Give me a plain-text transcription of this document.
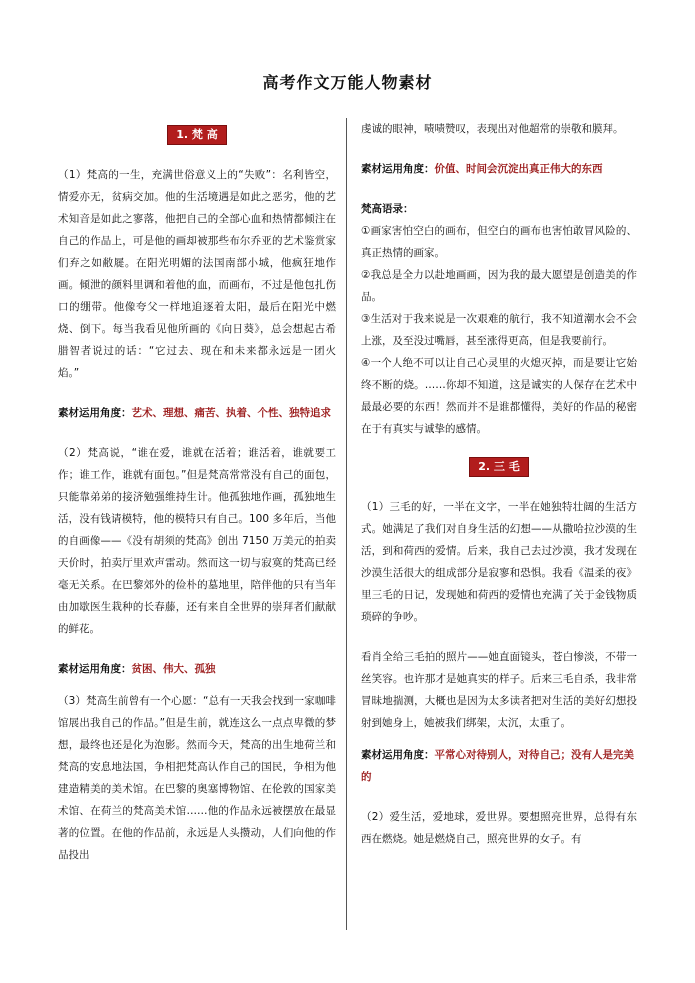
高考作文万能人物素材
1. 梵 高

（1）梵高的一生，充满世俗意义上的“失败”：名利皆空，情爱亦无，贫病交加。他的生活境遇是如此之恶劣，他的艺术知音是如此之寥落，他把自己的全部心血和热情都倾注在自己的作品上，可是他的画却被那些布尔乔亚的艺术鉴赏家们弃之如敝屣。在阳光明媚的法国南部小城，他疯狂地作画。倾泄的颜料里调和着他的血，而画布，不过是他包扎伤口的绷带。他像夸父一样地追逐着太阳，最后在阳光中燃烧、倒下。每当我看见他所画的《向日葵》，总会想起古希腊智者说过的话：“它过去、现在和未来都永远是一团火焰。”

素材运用角度：艺术、理想、痛苦、执着、个性、独特追求

（2）梵高说，“谁在爱，谁就在活着；谁活着，谁就要工作；谁工作，谁就有面包。”但是梵高常常没有自己的面包，只能靠弟弟的接济勉强维持生计。他孤独地作画，孤独地生活，没有钱请模特，他的模特只有自己。100 多年后，当他的自画像——《没有胡须的梵高》创出 7150 万美元的拍卖天价时，拍卖厅里欢声雷动。然而这一切与寂寞的梵高已经毫无关系。在巴黎郊外的俭朴的墓地里，陪伴他的只有当年由加歇医生栽种的长春藤，还有来自全世界的崇拜者们献献的鲜花。

素材运用角度：贫困、伟大、孤独

（3）梵高生前曾有一个心愿：“总有一天我会找到一家咖啡馆展出我自己的作品。”但是生前，就连这么一点点卑微的梦想，最终也还是化为泡影。然而今天，梵高的出生地荷兰和梵高的安息地法国，争相把梵高认作自己的国民，争相为他建造精美的美术馆。在巴黎的奥塞博物馆、在伦敦的国家美术馆、在荷兰的梵高美术馆……他的作品永远被摆放在最显著的位置。在他的作品前，永远是人头攒动，人们向他的作品投出

虔诚的眼神，啧啧赞叹，表现出对他超常的崇敬和膜拜。

素材运用角度：价值、时间会沉淀出真正伟大的东西

梵高语录：

①画家害怕空白的画布，但空白的画布也害怕敢冒风险的、真正热情的画家。

②我总是全力以赴地画画，因为我的最大愿望是创造美的作品。

③生活对于我来说是一次艰难的航行，我不知道潮水会不会上涨，及至没过嘴唇，甚至涨得更高，但是我要前行。

④一个人绝不可以让自己心灵里的火熄灭掉，而是要让它始终不断的烧。……你却不知道，这是诚实的人保存在艺术中最最必要的东西！然而并不是谁都懂得，美好的作品的秘密在于有真实与诚挚的感情。

2. 三 毛

（1）三毛的好，一半在文字，一半在她独特壮阔的生活方式。她满足了我们对自身生活的幻想——从撒哈拉沙漠的生活，到和荷西的爱情。后来，我自己去过沙漠，我才发现在沙漠生活很大的组成部分是寂寥和恐惧。我看《温柔的夜》里三毛的日记，发现她和荷西的爱情也充满了关于金钱物质琐碎的争吵。

看肖全给三毛拍的照片——她直面镜头，苍白惨淡，不带一丝笑容。也许那才是她真实的样子。后来三毛自杀，我非常冒昧地揣测，大概也是因为太多读者把对生活的美好幻想投射到她身上，她被我们绑架，太沉，太重了。

素材运用角度：平常心对待别人，对待自己；没有人是完美的

（2）爱生活，爱地球，爱世界。要想照亮世界，总得有东西在燃烧。她是燃烧自己，照亮世界的女子。有
